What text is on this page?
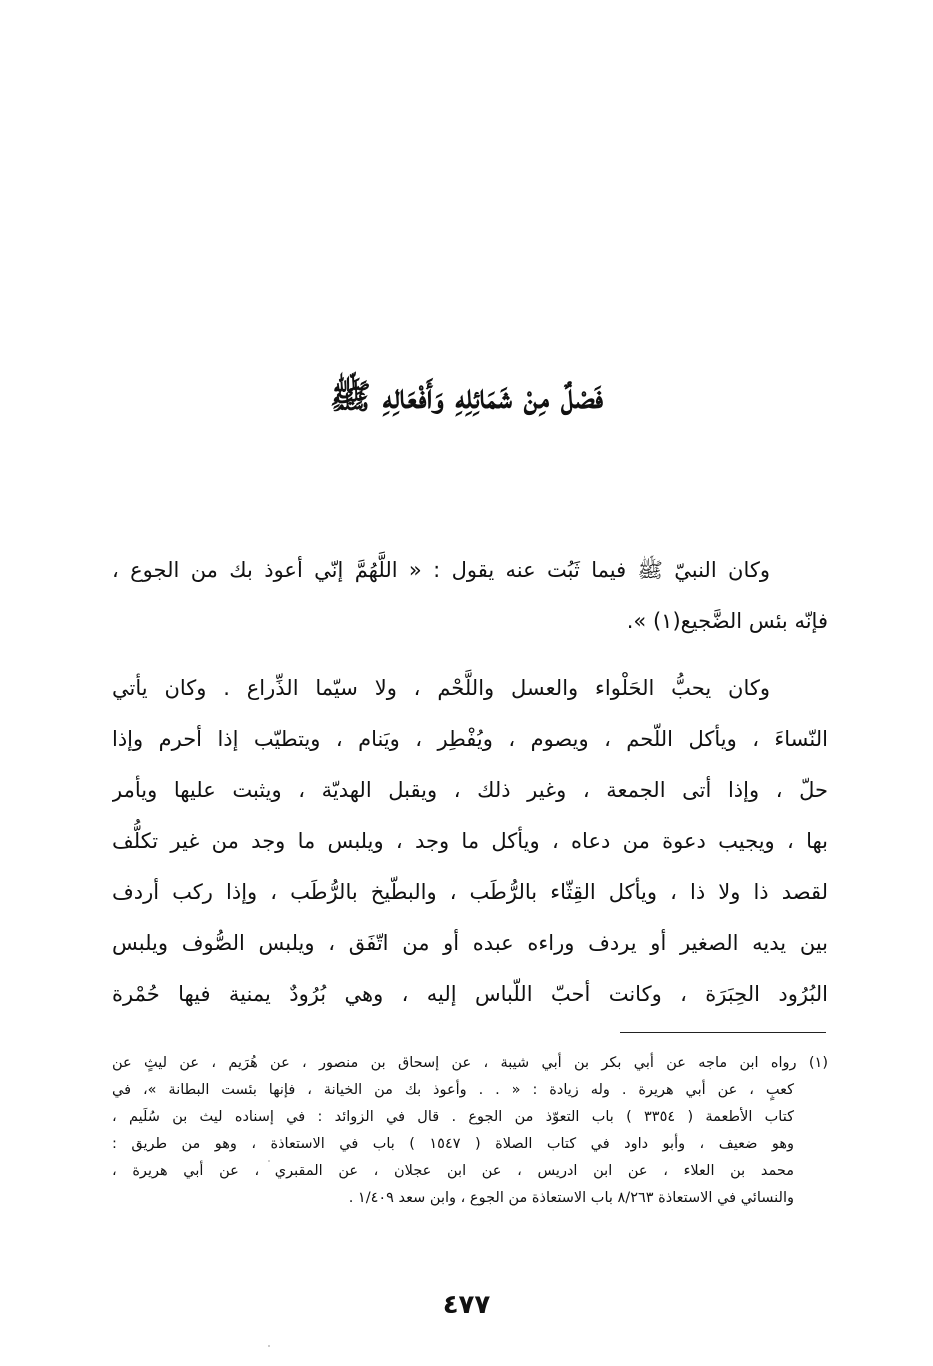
فَصْلٌ مِنْ شَمَائِلِهِ وَأَفْعَالِهِ ﷺ
وكان النبيّ ﷺ فيما ثَبُت عنه يقول : « اللَّهُمَّ إنّي أعوذ بك من الجوع ،
فإنّه بئس الضَّجيع(١) ».
وكان يحبُّ الحَلْواء والعسل واللَّحْم ، ولا سيّما الذِّراع . وكان يأتي
النّساءَ ، ويأكل اللّحم ، ويصوم ، ويُفْطِر ، ويَنام ، ويتطيّب إذا أحرم وإذا
حلّ ، وإذا أتى الجمعة ، وغير ذلك ، ويقبل الهديّة ، ويثبت عليها ويأمر
بها ، ويجيب دعوة من دعاه ، ويأكل ما وجد ، ويلبس ما وجد من غير تكلُّف
لقصد ذا ولا ذا ، ويأكل القِثّاء بالرُّطَب ، والبطّيخ بالرُّطَب ، وإذا ركب أردف
بين يديه الصغير أو يردف وراءه عبده أو من اتّفَق ، ويلبس الصُّوف ويلبس
البُرُود الحِبَرَة ، وكانت أحبّ اللّباس إليه ، وهي بُرُودٌ يمنية فيها حُمْرة
(١) رواه ابن ماجه عن أبي بكر بن أبي شيبة ، عن إسحاق بن منصور ، عن هُرَيم ، عن ليثٍ عن
كعبٍ ، عن أبي هريرة . وله زيادة : « . . وأعوذ بك من الخيانة ، فإنها بئست البطانة »، في
كتاب الأطعمة ( ٣٣٥٤ ) باب التعوّذ من الجوع . قال في الزوائد : في إسناده ليث بن سُلَيم ،
وهو ضعيف ، وأبو داود في كتاب الصلاة ( ١٥٤٧ ) باب في الاستعاذة ، وهو من طريق :
محمد بن العلاء ، عن ابن ادريس ، عن ابن عجلان ، عن المقبري ، عن أبي هريرة ،
والنسائي في الاستعاذة ٨/٢٦٣ باب الاستعاذة من الجوع ، وابن سعد ١/٤٠٩ .
٤٧٧
